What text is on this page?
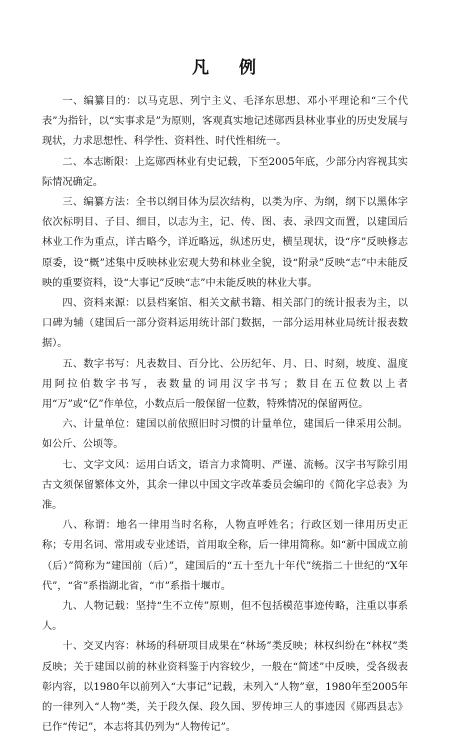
凡 例

一、编纂目的：以马克思、列宁主义、毛泽东思想、邓小平理论和“三个代表”为指针，以“实事求是”为原则，客观真实地记述郧西县林业事业的历史发展与现状，力求思想性、科学性、资料性、时代性相统一。

二、本志断限：上迄郧西林业有史记载，下至2005年底，少部分内容视其实际情况确定。

三、编纂方法：全书以纲目体为层次结构，以类为序、为纲，纲下以黑体字依次标明目、子目、细目，以志为主，记、传、图、表、录四文而置，以建国后林业工作为重点，详古略今，详近略远，纵述历史，横呈现状，设“序”反映修志原委，设“概”述集中反映林业宏观大势和林业全貌，设“附录”反映“志”中未能反映的重要资料，设“大事记”反映“志”中未能反映的林业大事。

四、资料来源：以县档案馆、相关文献书籍、相关部门的统计报表为主，以口碑为辅（建国后一部分资料运用统计部门数据，一部分运用林业局统计报表数据）。

五、数字书写：凡表数目、百分比、公历纪年、月、日、时刻，坡度、温度用阿拉伯数字书写，表数量的词用汉字书写；数目在五位数以上者用“万”或“亿”作单位，小数点后一般保留一位数，特殊情况的保留两位。

六、计量单位：建国以前依照旧时习惯的计量单位，建国后一律采用公制。如公斤、公顷等。

七、文字文风：运用白话文，语言力求简明、严谨、流畅。汉字书写除引用古文须保留繁体文外，其余一律以中国文字改革委员会编印的《简化字总表》为准。

八、称谓：地名一律用当时名称，人物直呼姓名；行政区划一律用历史正称；专用名词、常用或专业述语，首用取全称，后一律用简称。如“新中国成立前（后）”简称为“建国前（后）”，建国后的“五十至九十年代”统指二十世纪的“X年代”，“省”系指湖北省，“市”系指十堰市。

九、人物记载：坚持“生不立传”原则，但不包括模范事迹传略，注重以事系人。

十、交叉内容：林场的科研项目成果在“林场”类反映；林权纠纷在“林权”类反映；关于建国以前的林业资料鉴于内容较少，一般在“简述”中反映，受各级表彰内容，以1980年以前列入“大事记”记载，未列入“人物”章，1980年至2005年的一律列入“人物”类，关于段久保、段久国、罗传坤三人的事迹因《郧西县志》已作“传记”，本志将其仍列为“人物传记”。
